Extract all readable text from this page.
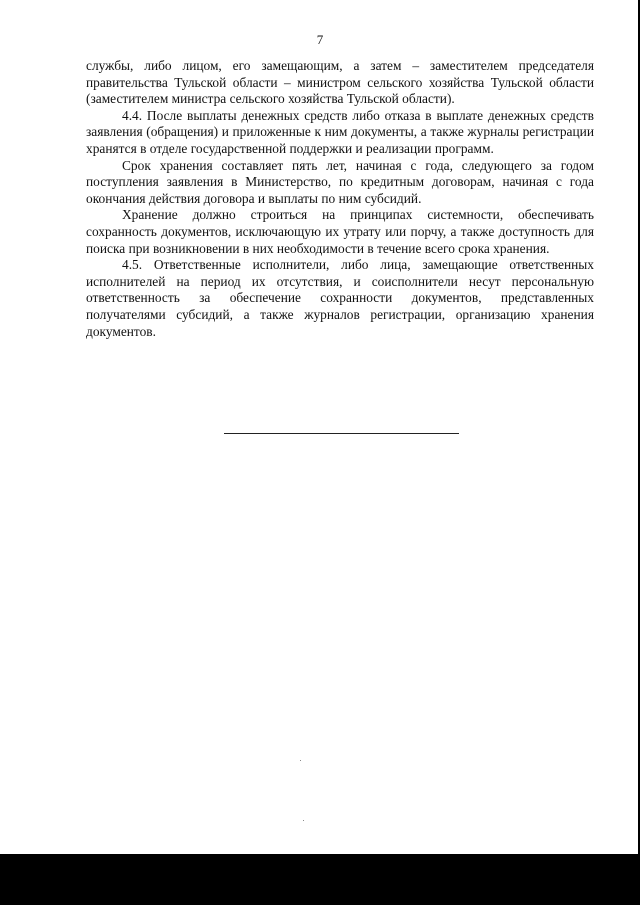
7

службы, либо лицом, его замещающим, а затем – заместителем председателя правительства Тульской области – министром сельского хозяйства Тульской области (заместителем министра сельского хозяйства Тульской области).

4.4. После выплаты денежных средств либо отказа в выплате денежных средств заявления (обращения) и приложенные к ним документы, а также журналы регистрации хранятся в отделе государственной поддержки и реализации программ.

Срок хранения составляет пять лет, начиная с года, следующего за годом поступления заявления в Министерство, по кредитным договорам, начиная с года окончания действия договора и выплаты по ним субсидий.

Хранение должно строиться на принципах системности, обеспечивать сохранность документов, исключающую их утрату или порчу, а также доступность для поиска при возникновении в них необходимости в течение всего срока хранения.

4.5. Ответственные исполнители, либо лица, замещающие ответственных исполнителей на период их отсутствия, и соисполнители несут персональную ответственность за обеспечение сохранности документов, представленных получателями субсидий, а также журналов регистрации, организацию хранения документов.
